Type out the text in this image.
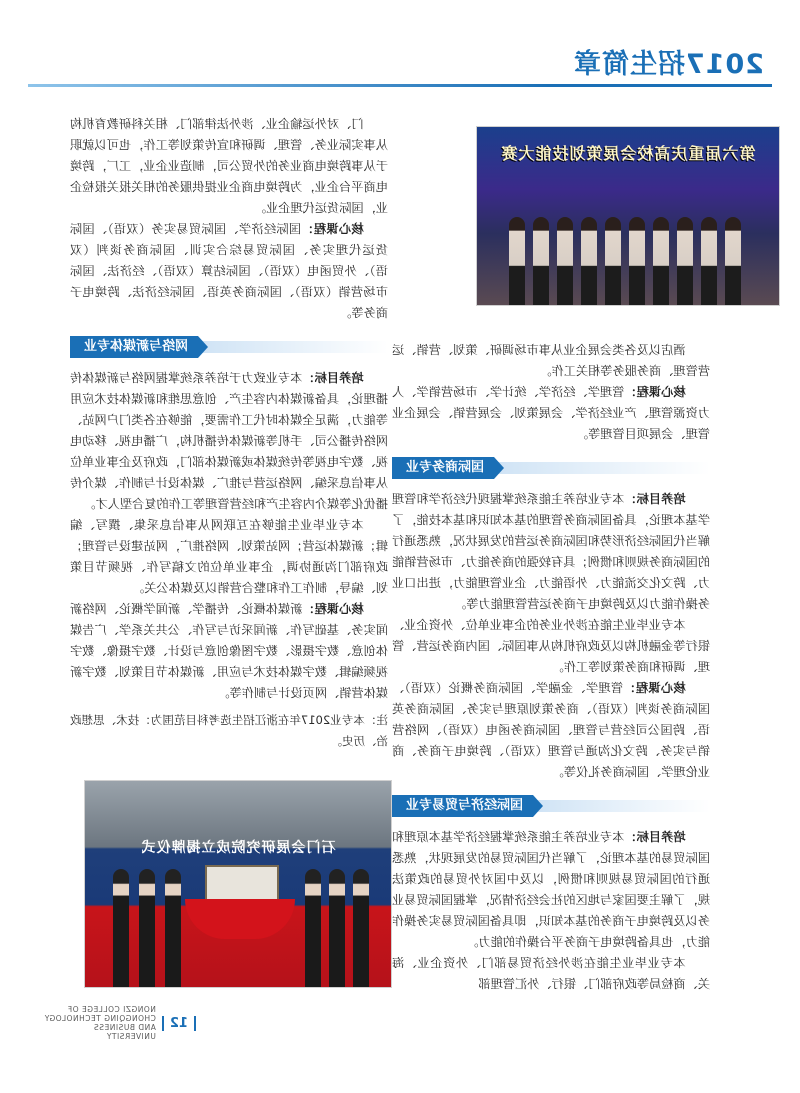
2017招生简章

门、对外运输企业、涉外法律部门、相关科研教育机构从事实际业务、管理、调研和宣传策划等工作，也可以就职于从事跨境电商业务的外贸公司，制造业企业，工厂，跨境电商平台企业，为跨境电商企业提供服务的相关报关报检企业，国际货运代理企业。

核心课程：国际经济学、国际贸易实务（双语）、国际货运代理实务、国际贸易综合实训、国际商务谈判（双语）、外贸函电（双语）、国际结算（双语）、经济法、国际市场营销（双语）、国际商务英语、国际经济法、跨境电子商务等。

网络与新媒体专业

培养目标：本专业致力于培养系统掌握网络与新媒体传播理论，具备新媒体内容生产、创意思维和新媒体技术应用等能力，满足全媒体时代工作需要，能够在各类门户网站、网络传播公司、手机等新媒体传播机构，广播电视、移动电视、数字电视等传统媒体或新媒体部门，政府及企事业单位从事信息采编、网络运营与推广、媒体设计与制作、媒介传播优化等媒介内容生产和经营管理等工作的复合型人才。

本专业毕业生能够在互联网从事信息采集、撰写、编辑；新媒体运营；网站策划、网络推广，网站建设与管理；政府部门沟通协调，企事业单位的文稿写作、视频节目策划、编导，制作工作和整合营销以及媒体公关。

核心课程：新媒体概论、传播学、新闻学概论、网络新闻实务、基础写作、新闻采访与写作、公共关系学、广告媒体创意、数字摄影、数字图像创意与设计、数字摄像、数字视频编辑、数字媒体技术与应用、新媒体节目策划、数字新媒体营销、网页设计与制作等。

注：本专业2017年在浙江招生选考科目范围为：技术、思想政治、历史。

酒店以及各类会展企业从事市场调研、策划、营销、运营管理、商务服务等相关工作。

核心课程：管理学、经济学、统计学、市场营销学、人力资源管理、产业经济学、会展策划、会展营销、会展企业管理、会展项目管理等。

国际商务专业

培养目标：本专业培养主能系统掌握现代经济学和管理学基本理论，具备国际商务管理的基本知识和基本技能，了解当代国际经济形势和国际商务运营的发展状况，熟悉通行的国际商务规则和惯例；具有较强的商务能力、市场营销能力、跨文化交流能力、外语能力、企业管理能力，进出口业务操作能力以及跨境电子商务运营管理能力等。

本专业毕业生能在涉外业务的企事业单位、外资企业、银行等金融机构以及政府机构从事国际、国内商务运营、管理、调研和商务策划等工作。

核心课程：管理学、金融学、国际商务概论（双语）、国际商务谈判（双语）、商务策划原理与实务、国际商务英语、跨国公司经营与管理、国际商务函电（双语）、网络营销与实务、跨文化沟通与管理（双语）、跨境电子商务、商业伦理学、国际商务礼仪等。

国际经济与贸易专业

培养目标：本专业培养主能系统掌握经济学基本原理和国际贸易的基本理论，了解当代国际贸易的发展现状，熟悉通行的国际贸易规则和惯例，以及中国对外贸易的政策法规，了解主要国家与地区的社会经济情况，掌握国际贸易业务以及跨境电子商务的基本知识，即具备国际贸易实务操作能力，也具备跨境电子商务平台操作的能力。

本专业毕业生能在涉外经济贸易部门、外资企业、海关、商检局等政府部门、银行、外汇管理部

第六届重庆高校会展策划技能大赛
石门会展研究院成立揭牌仪式
12
NONGZI COLLEGE OF
CHONGQING TECHNOLOGY AND BUSINESS
UNIVERSITY
